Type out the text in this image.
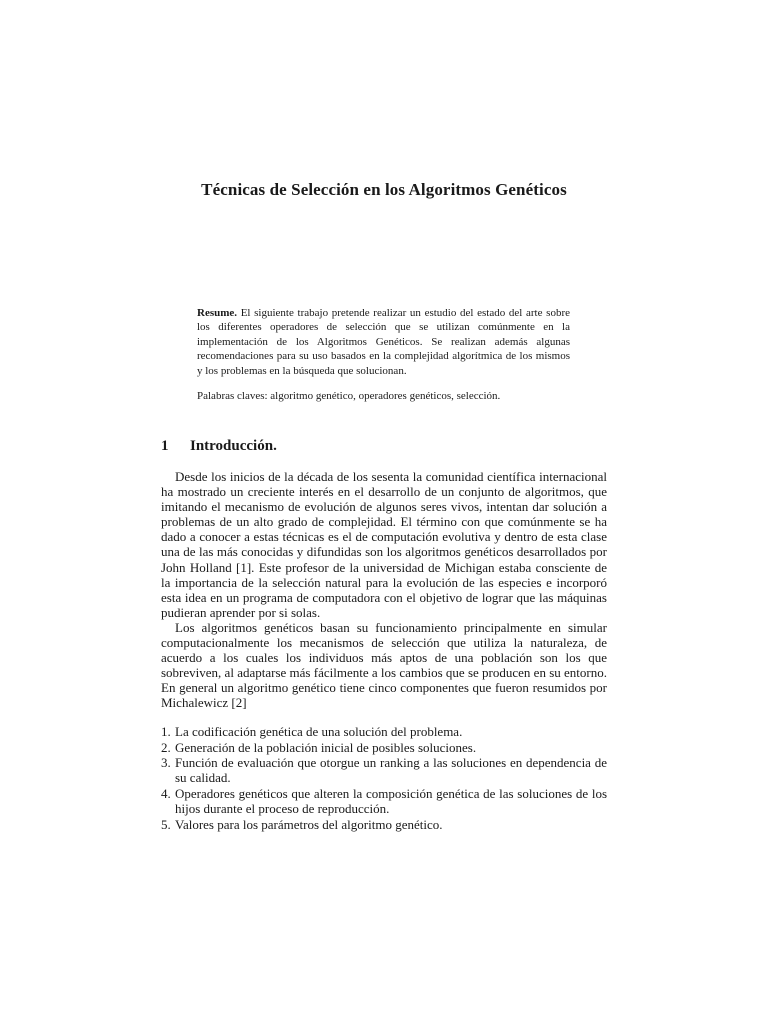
Técnicas de Selección en los Algoritmos Genéticos
Resume. El siguiente trabajo pretende realizar un estudio del estado del arte sobre los diferentes operadores de selección que se utilizan comúnmente en la implementación de los Algoritmos Genéticos. Se realizan además algunas recomendaciones para su uso basados en la complejidad algorítmica de los mismos y los problemas en la búsqueda que solucionan.
Palabras claves: algoritmo genético, operadores genéticos, selección.
1 Introducción.

Desde los inicios de la década de los sesenta la comunidad científica internacional ha mostrado un creciente interés en el desarrollo de un conjunto de algoritmos, que imitando el mecanismo de evolución de algunos seres vivos, intentan dar solución a problemas de un alto grado de complejidad. El término con que comúnmente se ha dado a conocer a estas técnicas es el de computación evolutiva y dentro de esta clase una de las más conocidas y difundidas son los algoritmos genéticos desarrollados por John Holland [1]. Este profesor de la universidad de Michigan estaba consciente de la importancia de la selección natural para la evolución de las especies e incorporó esta idea en un programa de computadora con el objetivo de lograr que las máquinas pudieran aprender por si solas.

Los algoritmos genéticos basan su funcionamiento principalmente en simular computacionalmente los mecanismos de selección que utiliza la naturaleza, de acuerdo a los cuales los individuos más aptos de una población son los que sobreviven, al adaptarse más fácilmente a los cambios que se producen en su entorno. En general un algoritmo genético tiene cinco componentes que fueron resumidos por Michalewicz [2]

1. La codificación genética de una solución del problema.
2. Generación de la población inicial de posibles soluciones.
3. Función de evaluación que otorgue un ranking a las soluciones en dependencia de su calidad.
4. Operadores genéticos que alteren la composición genética de las soluciones de los hijos durante el proceso de reproducción.
5. Valores para los parámetros del algoritmo genético.
